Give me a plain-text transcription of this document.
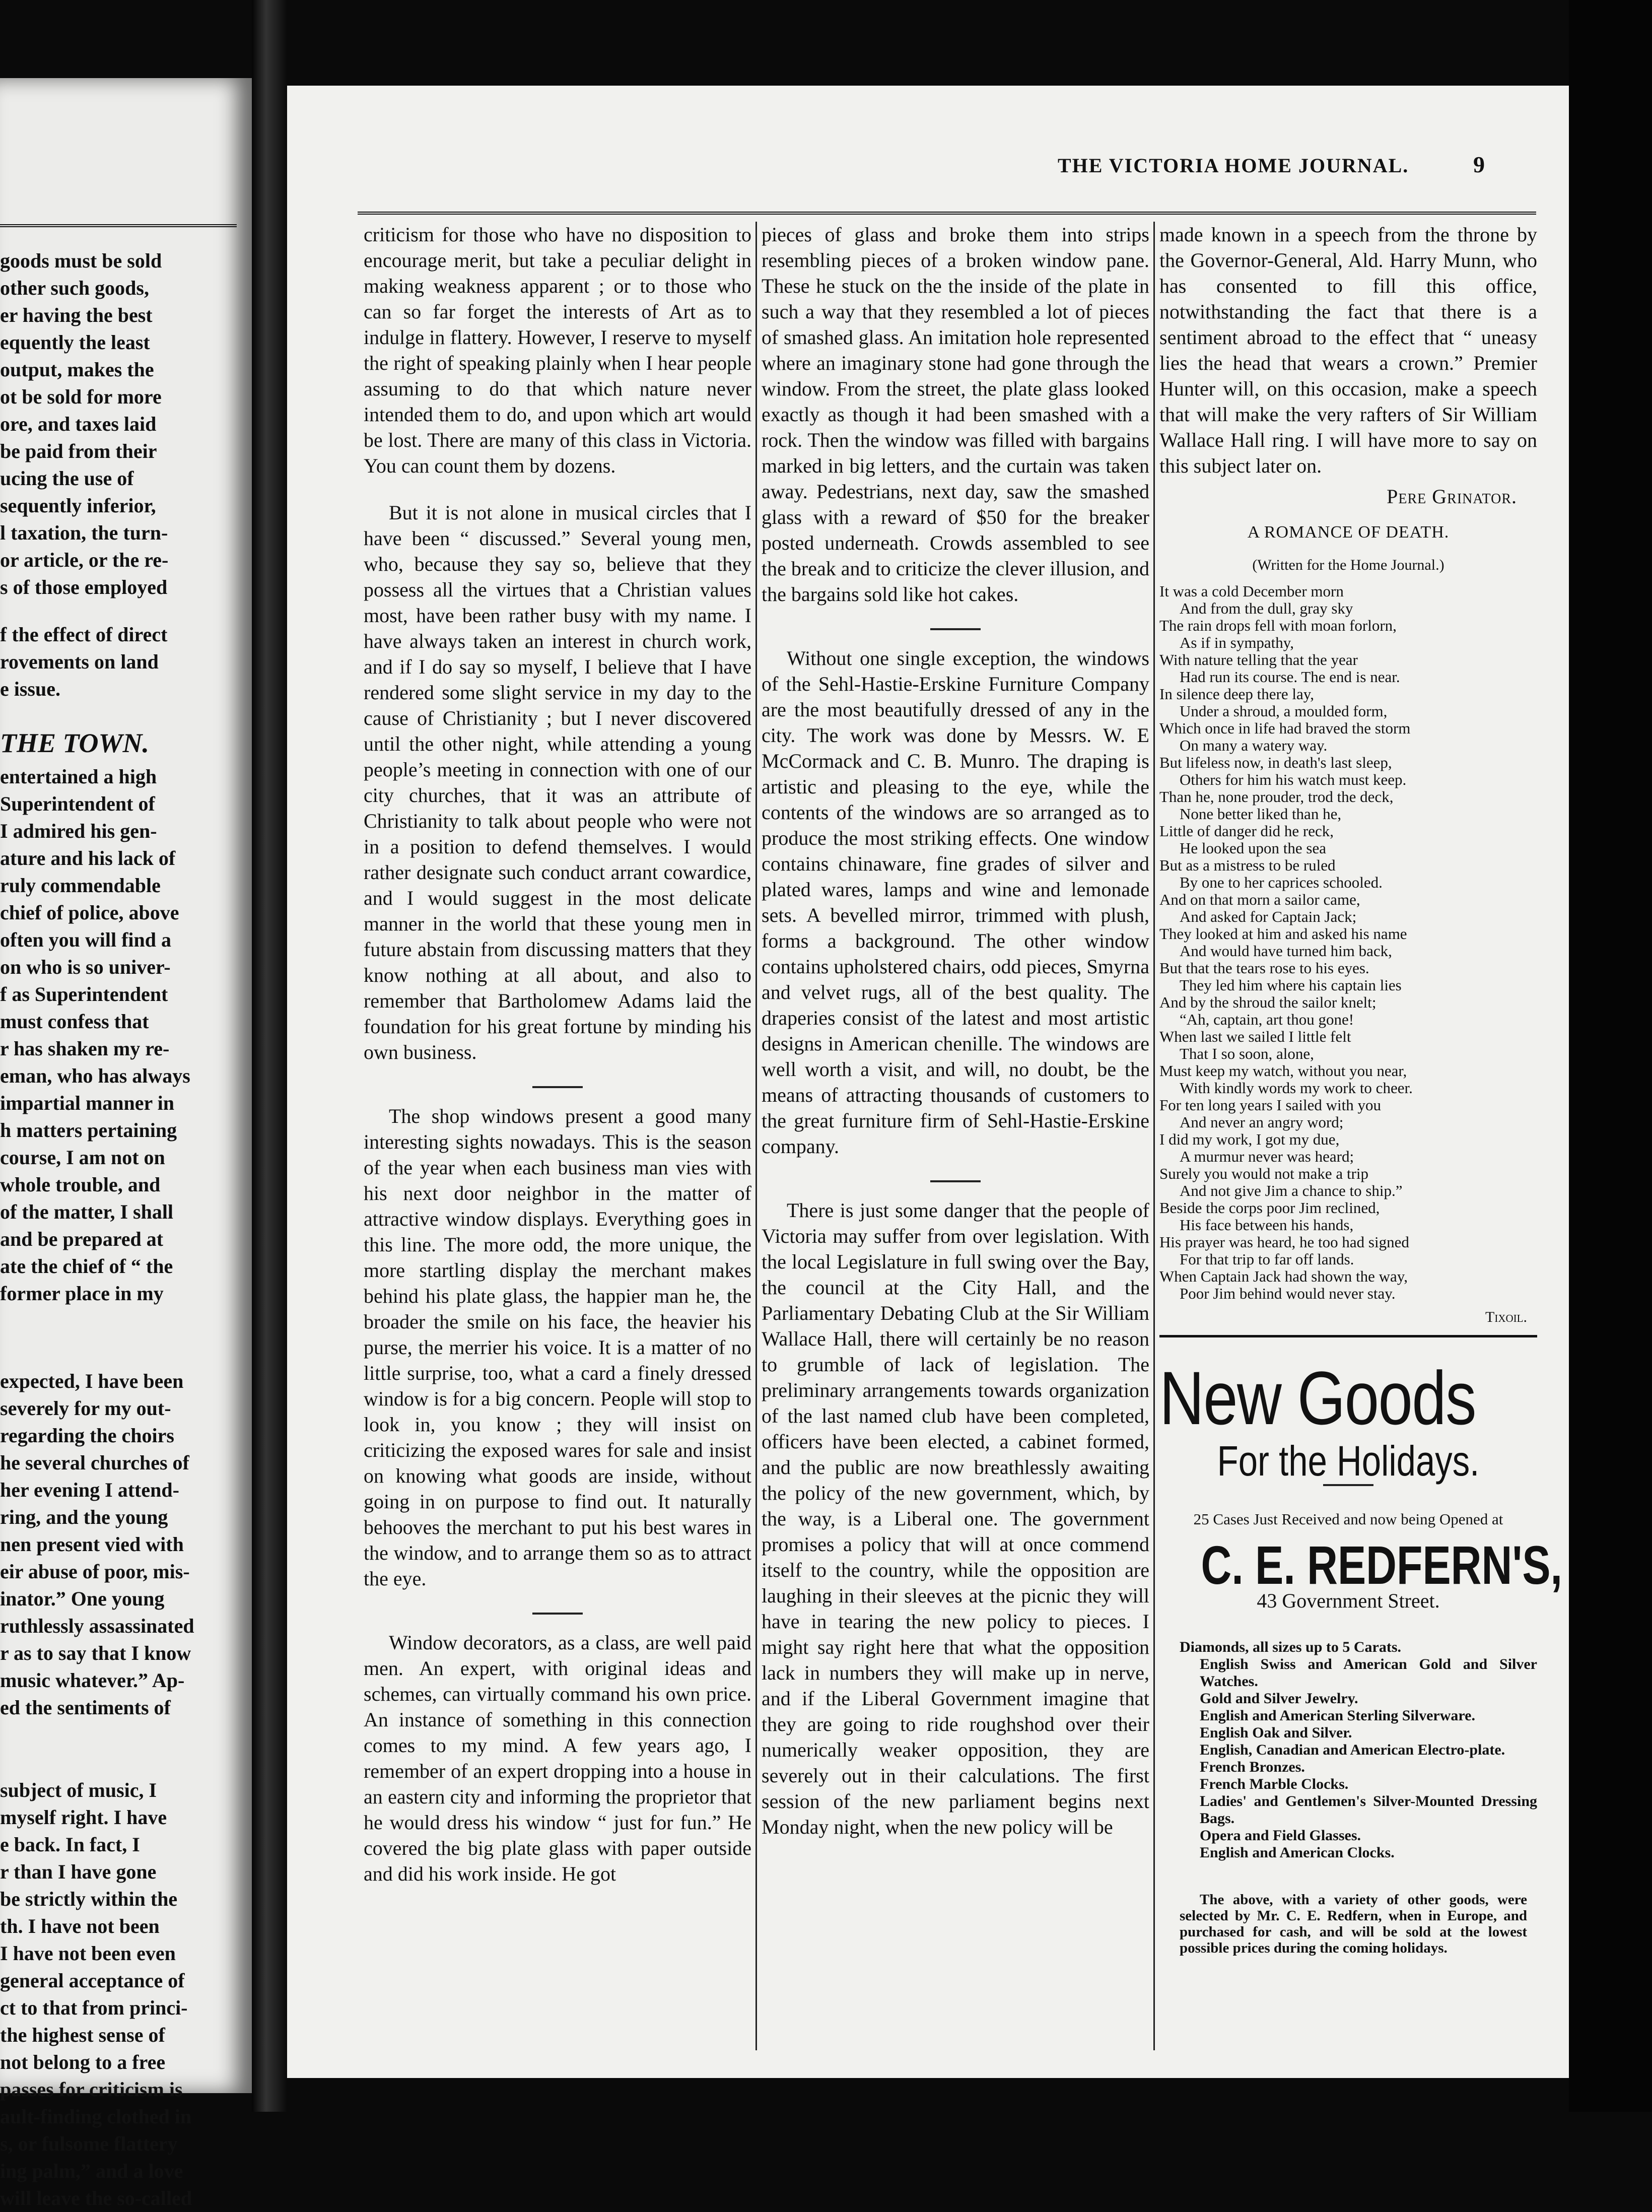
goods must be sold
other such goods,
er having the best
equently the least
output, makes the
ot be sold for more
ore, and taxes laid
be paid from their
ucing the use of
sequently inferior,
l taxation, the turn-
or article, or the re-
s of those employed
f the effect of direct
rovements on land
e issue.
THE TOWN.
entertained a high
Superintendent of
I admired his gen-
ature and his lack of
ruly commendable
chief of police, above
often you will find a
on who is so univer-
f as Superintendent
must confess that
r has shaken my re-
eman, who has always
impartial manner in
h matters pertaining
course, I am not on
whole trouble, and
of the matter, I shall
and be prepared at
ate the chief of “ the
former place in my
expected, I have been
severely for my out-
regarding the choirs
he several churches of
her evening I attend-
ring, and the young
nen present vied with
eir abuse of poor, mis-
inator.” One young
ruthlessly assassinated
r as to say that I know
music whatever.” Ap-
ed the sentiments of
subject of music, I
myself right. I have
e back. In fact, I
r than I have gone
be strictly within the
th. I have not been
I have not been even
general acceptance of
ct to that from princi-
the highest sense of
not belong to a free
passes for criticism is
ault-finding clothed in
s, or fulsome flattery
ing palm,” and a love
will leave the so-called
THE VICTORIA HOME JOURNAL.	9

criticism for those who have no disposition to encourage merit, but take a peculiar delight in making weakness apparent ; or to those who can so far forget the interests of Art as to indulge in flattery. However, I reserve to myself the right of speaking plainly when I hear people assuming to do that which nature never intended them to do, and upon which art would be lost. There are many of this class in Victoria. You can count them by dozens.

But it is not alone in musical circles that I have been “ discussed.” Several young men, who, because they say so, believe that they possess all the virtues that a Christian values most, have been rather busy with my name. I have always taken an interest in church work, and if I do say so myself, I believe that I have rendered some slight service in my day to the cause of Christianity ; but I never discovered until the other night, while attending a young people’s meeting in connection with one of our city churches, that it was an attribute of Christianity to talk about people who were not in a position to defend themselves. I would rather designate such conduct arrant cowardice, and I would suggest in the most delicate manner in the world that these young men in future abstain from discussing matters that they know nothing at all about, and also to remember that Bartholomew Adams laid the foundation for his great fortune by minding his own business.

The shop windows present a good many interesting sights nowadays. This is the season of the year when each business man vies with his next door neighbor in the matter of attractive window displays. Everything goes in this line. The more odd, the more unique, the more startling display the merchant makes behind his plate glass, the happier man he, the broader the smile on his face, the heavier his purse, the merrier his voice. It is a matter of no little surprise, too, what a card a finely dressed window is for a big concern. People will stop to look in, you know ; they will insist on criticizing the exposed wares for sale and insist on knowing what goods are inside, without going in on purpose to find out. It naturally behooves the merchant to put his best wares in the window, and to arrange them so as to attract the eye.

Window decorators, as a class, are well paid men. An expert, with original ideas and schemes, can virtually command his own price. An instance of something in this connection comes to my mind. A few years ago, I remember of an expert dropping into a house in an eastern city and informing the proprietor that he would dress his window “ just for fun.” He covered the big plate glass with paper outside and did his work inside. He got

pieces of glass and broke them into strips resembling pieces of a broken window pane. These he stuck on the the inside of the plate in such a way that they resembled a lot of pieces of smashed glass. An imitation hole represented where an imaginary stone had gone through the window. From the street, the plate glass looked exactly as though it had been smashed with a rock. Then the window was filled with bargains marked in big letters, and the curtain was taken away. Pedestrians, next day, saw the smashed glass with a reward of $50 for the breaker posted underneath. Crowds assembled to see the break and to criticize the clever illusion, and the bargains sold like hot cakes.

Without one single exception, the windows of the Sehl-Hastie-Erskine Furniture Company are the most beautifully dressed of any in the city. The work was done by Messrs. W. E McCormack and C. B. Munro. The draping is artistic and pleasing to the eye, while the contents of the windows are so arranged as to produce the most striking effects. One window contains chinaware, fine grades of silver and plated wares, lamps and wine and lemonade sets. A bevelled mirror, trimmed with plush, forms a background. The other window contains upholstered chairs, odd pieces, Smyrna and velvet rugs, all of the best quality. The draperies consist of the latest and most artistic designs in American chenille. The windows are well worth a visit, and will, no doubt, be the means of attracting thousands of customers to the great furniture firm of Sehl-Hastie-Erskine company.

There is just some danger that the people of Victoria may suffer from over legislation. With the local Legislature in full swing over the Bay, the council at the City Hall, and the Parliamentary Debating Club at the Sir William Wallace Hall, there will certainly be no reason to grumble of lack of legislation. The preliminary arrangements towards organization of the last named club have been completed, officers have been elected, a cabinet formed, and the public are now breathlessly awaiting the policy of the new government, which, by the way, is a Liberal one. The government promises a policy that will at once commend itself to the country, while the opposition are laughing in their sleeves at the picnic they will have in tearing the new policy to pieces. I might say right here that what the opposition lack in numbers they will make up in nerve, and if the Liberal Government imagine that they are going to ride roughshod over their numerically weaker opposition, they are severely out in their calculations. The first session of the new parliament begins next Monday night, when the new policy will be

made known in a speech from the throne by the Governor-General, Ald. Harry Munn, who has consented to fill this office, notwithstanding the fact that there is a sentiment abroad to the effect that “ uneasy lies the head that wears a crown.” Premier Hunter will, on this occasion, make a speech that will make the very rafters of Sir William Wallace Hall ring. I will have more to say on this subject later on.

Pere Grinator.
A ROMANCE OF DEATH.
(Written for the Home Journal.)
It was a cold December morn
And from the dull, gray sky
The rain drops fell with moan forlorn,
As if in sympathy,
With nature telling that the year
Had run its course. The end is near.
In silence deep there lay,
Under a shroud, a moulded form,
Which once in life had braved the storm
On many a watery way.
But lifeless now, in death's last sleep,
Others for him his watch must keep.
Than he, none prouder, trod the deck,
None better liked than he,
Little of danger did he reck,
He looked upon the sea
But as a mistress to be ruled
By one to her caprices schooled.
And on that morn a sailor came,
And asked for Captain Jack;
They looked at him and asked his name
And would have turned him back,
But that the tears rose to his eyes.
They led him where his captain lies
And by the shroud the sailor knelt;
“Ah, captain, art thou gone!
When last we sailed I little felt
That I so soon, alone,
Must keep my watch, without you near,
With kindly words my work to cheer.
For ten long years I sailed with you
And never an angry word;
I did my work, I got my due,
A murmur never was heard;
Surely you would not make a trip
And not give Jim a chance to ship.”
Beside the corps poor Jim reclined,
His face between his hands,
His prayer was heard, he too had signed
For that trip to far off lands.
When Captain Jack had shown the way,
Poor Jim behind would never stay.
Tixoil.
New Goods
For the Holidays.
25 Cases Just Received and now being Opened at
C. E. REDFERN'S,
43 Government Street.
Diamonds, all sizes up to 5 Carats.
English Swiss and American Gold and Silver Watches.
Gold and Silver Jewelry.
English and American Sterling Silverware.
English Oak and Silver.
English, Canadian and American Electro-plate.
French Bronzes.
French Marble Clocks.
Ladies' and Gentlemen's Silver-Mounted Dressing Bags.
Opera and Field Glasses.
English and American Clocks.
The above, with a variety of other goods, were selected by Mr. C. E. Redfern, when in Europe, and purchased for cash, and will be sold at the lowest possible prices during the coming holidays.
